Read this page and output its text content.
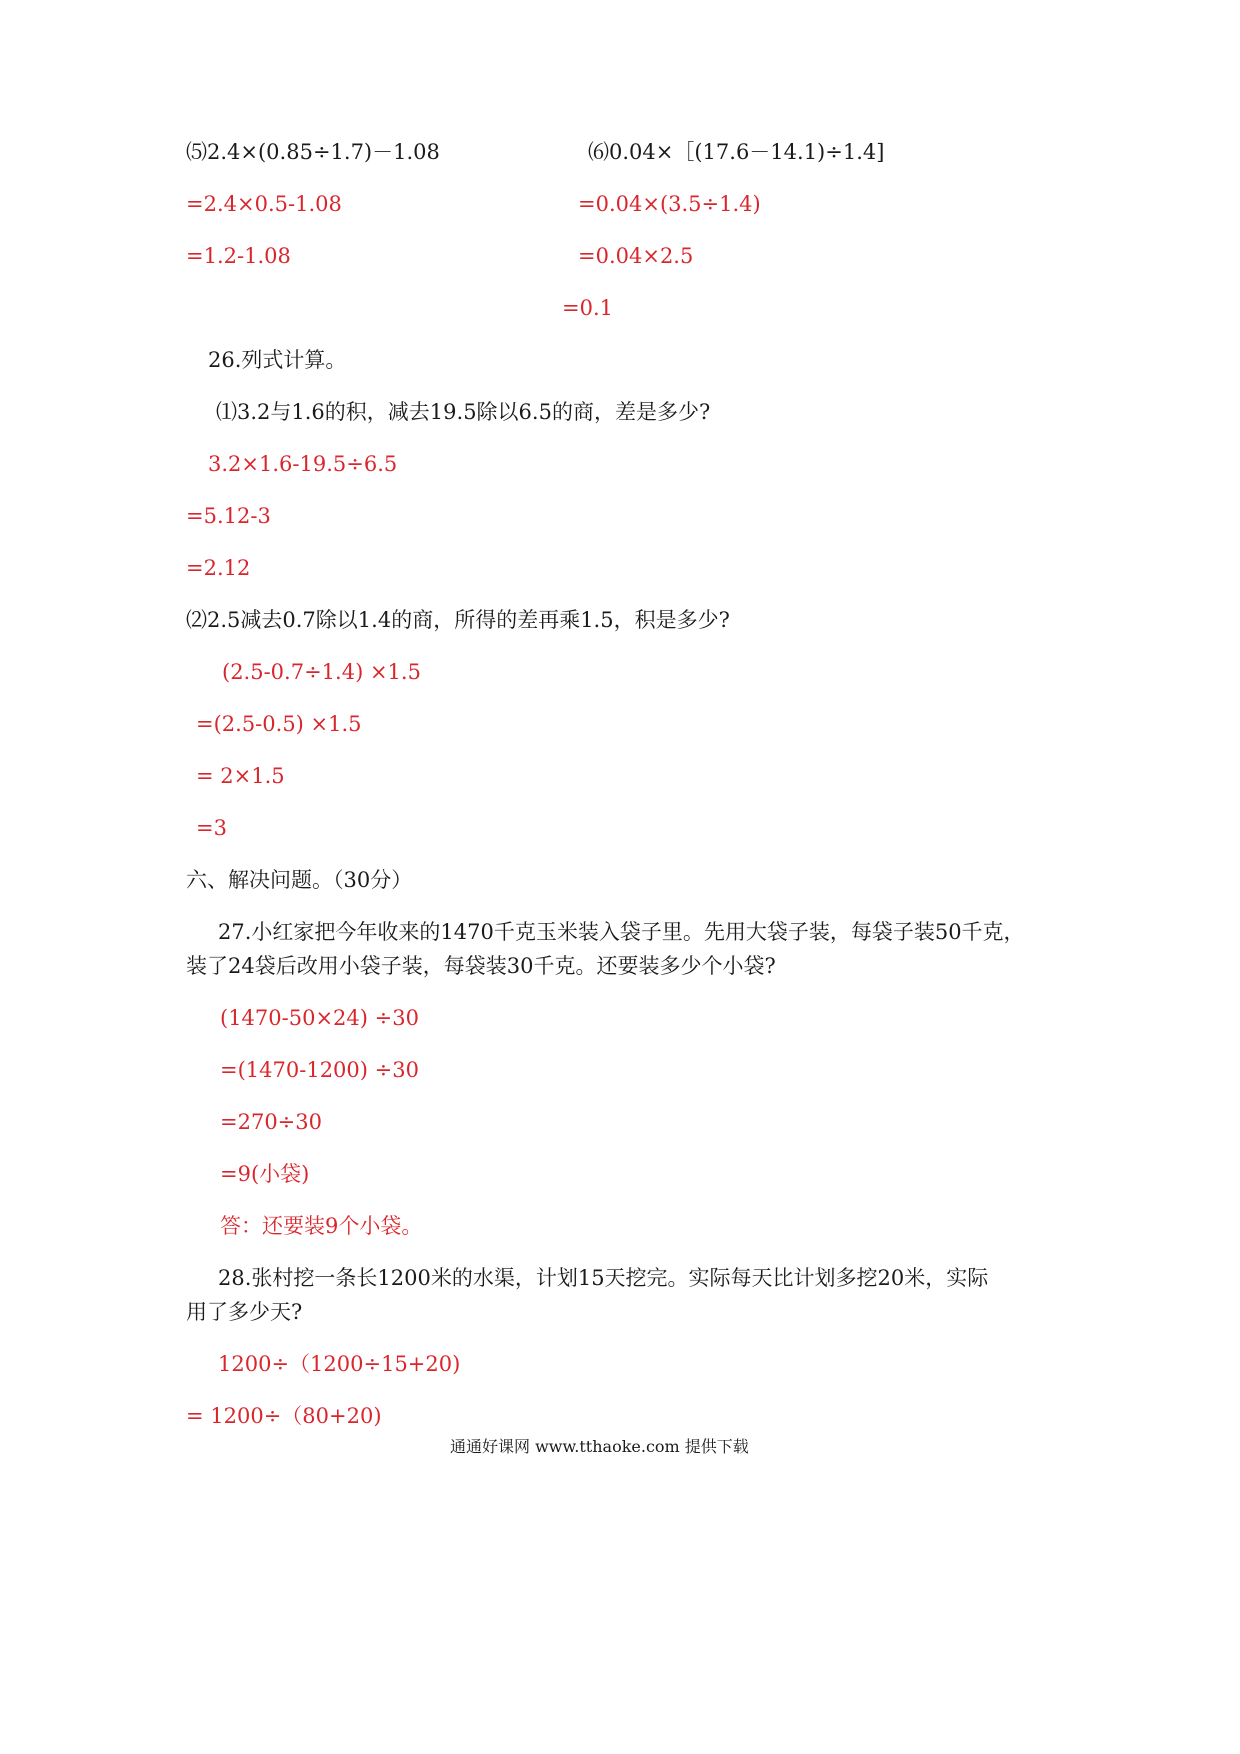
⑸2.4×(0.85÷1.7)－1.08
=2.4×0.5-1.08
=1.2-1.08
⑹0.04×［(17.6－14.1)÷1.4]
=0.04×(3.5÷1.4)
=0.04×2.5
=0.1
26.列式计算。
⑴3.2与1.6的积，减去19.5除以6.5的商，差是多少?
3.2×1.6-19.5÷6.5
=5.12-3
=2.12
⑵2.5减去0.7除以1.4的商，所得的差再乘1.5，积是多少?
(2.5-0.7÷1.4) ×1.5
=(2.5-0.5) ×1.5
= 2×1.5
=3
六、解决问题。（30分）
27.小红家把今年收来的1470千克玉米装入袋子里。先用大袋子装，每袋子装50千克，
装了24袋后改用小袋子装，每袋装30千克。还要装多少个小袋?
(1470-50×24) ÷30
=(1470-1200) ÷30
=270÷30
=9(小袋)
答：还要装9个小袋。
28.张村挖一条长1200米的水渠，计划15天挖完。实际每天比计划多挖20米，实际
用了多少天?
1200÷（1200÷15+20)
= 1200÷（80+20)
通通好课网 www.tthaoke.com 提供下载
